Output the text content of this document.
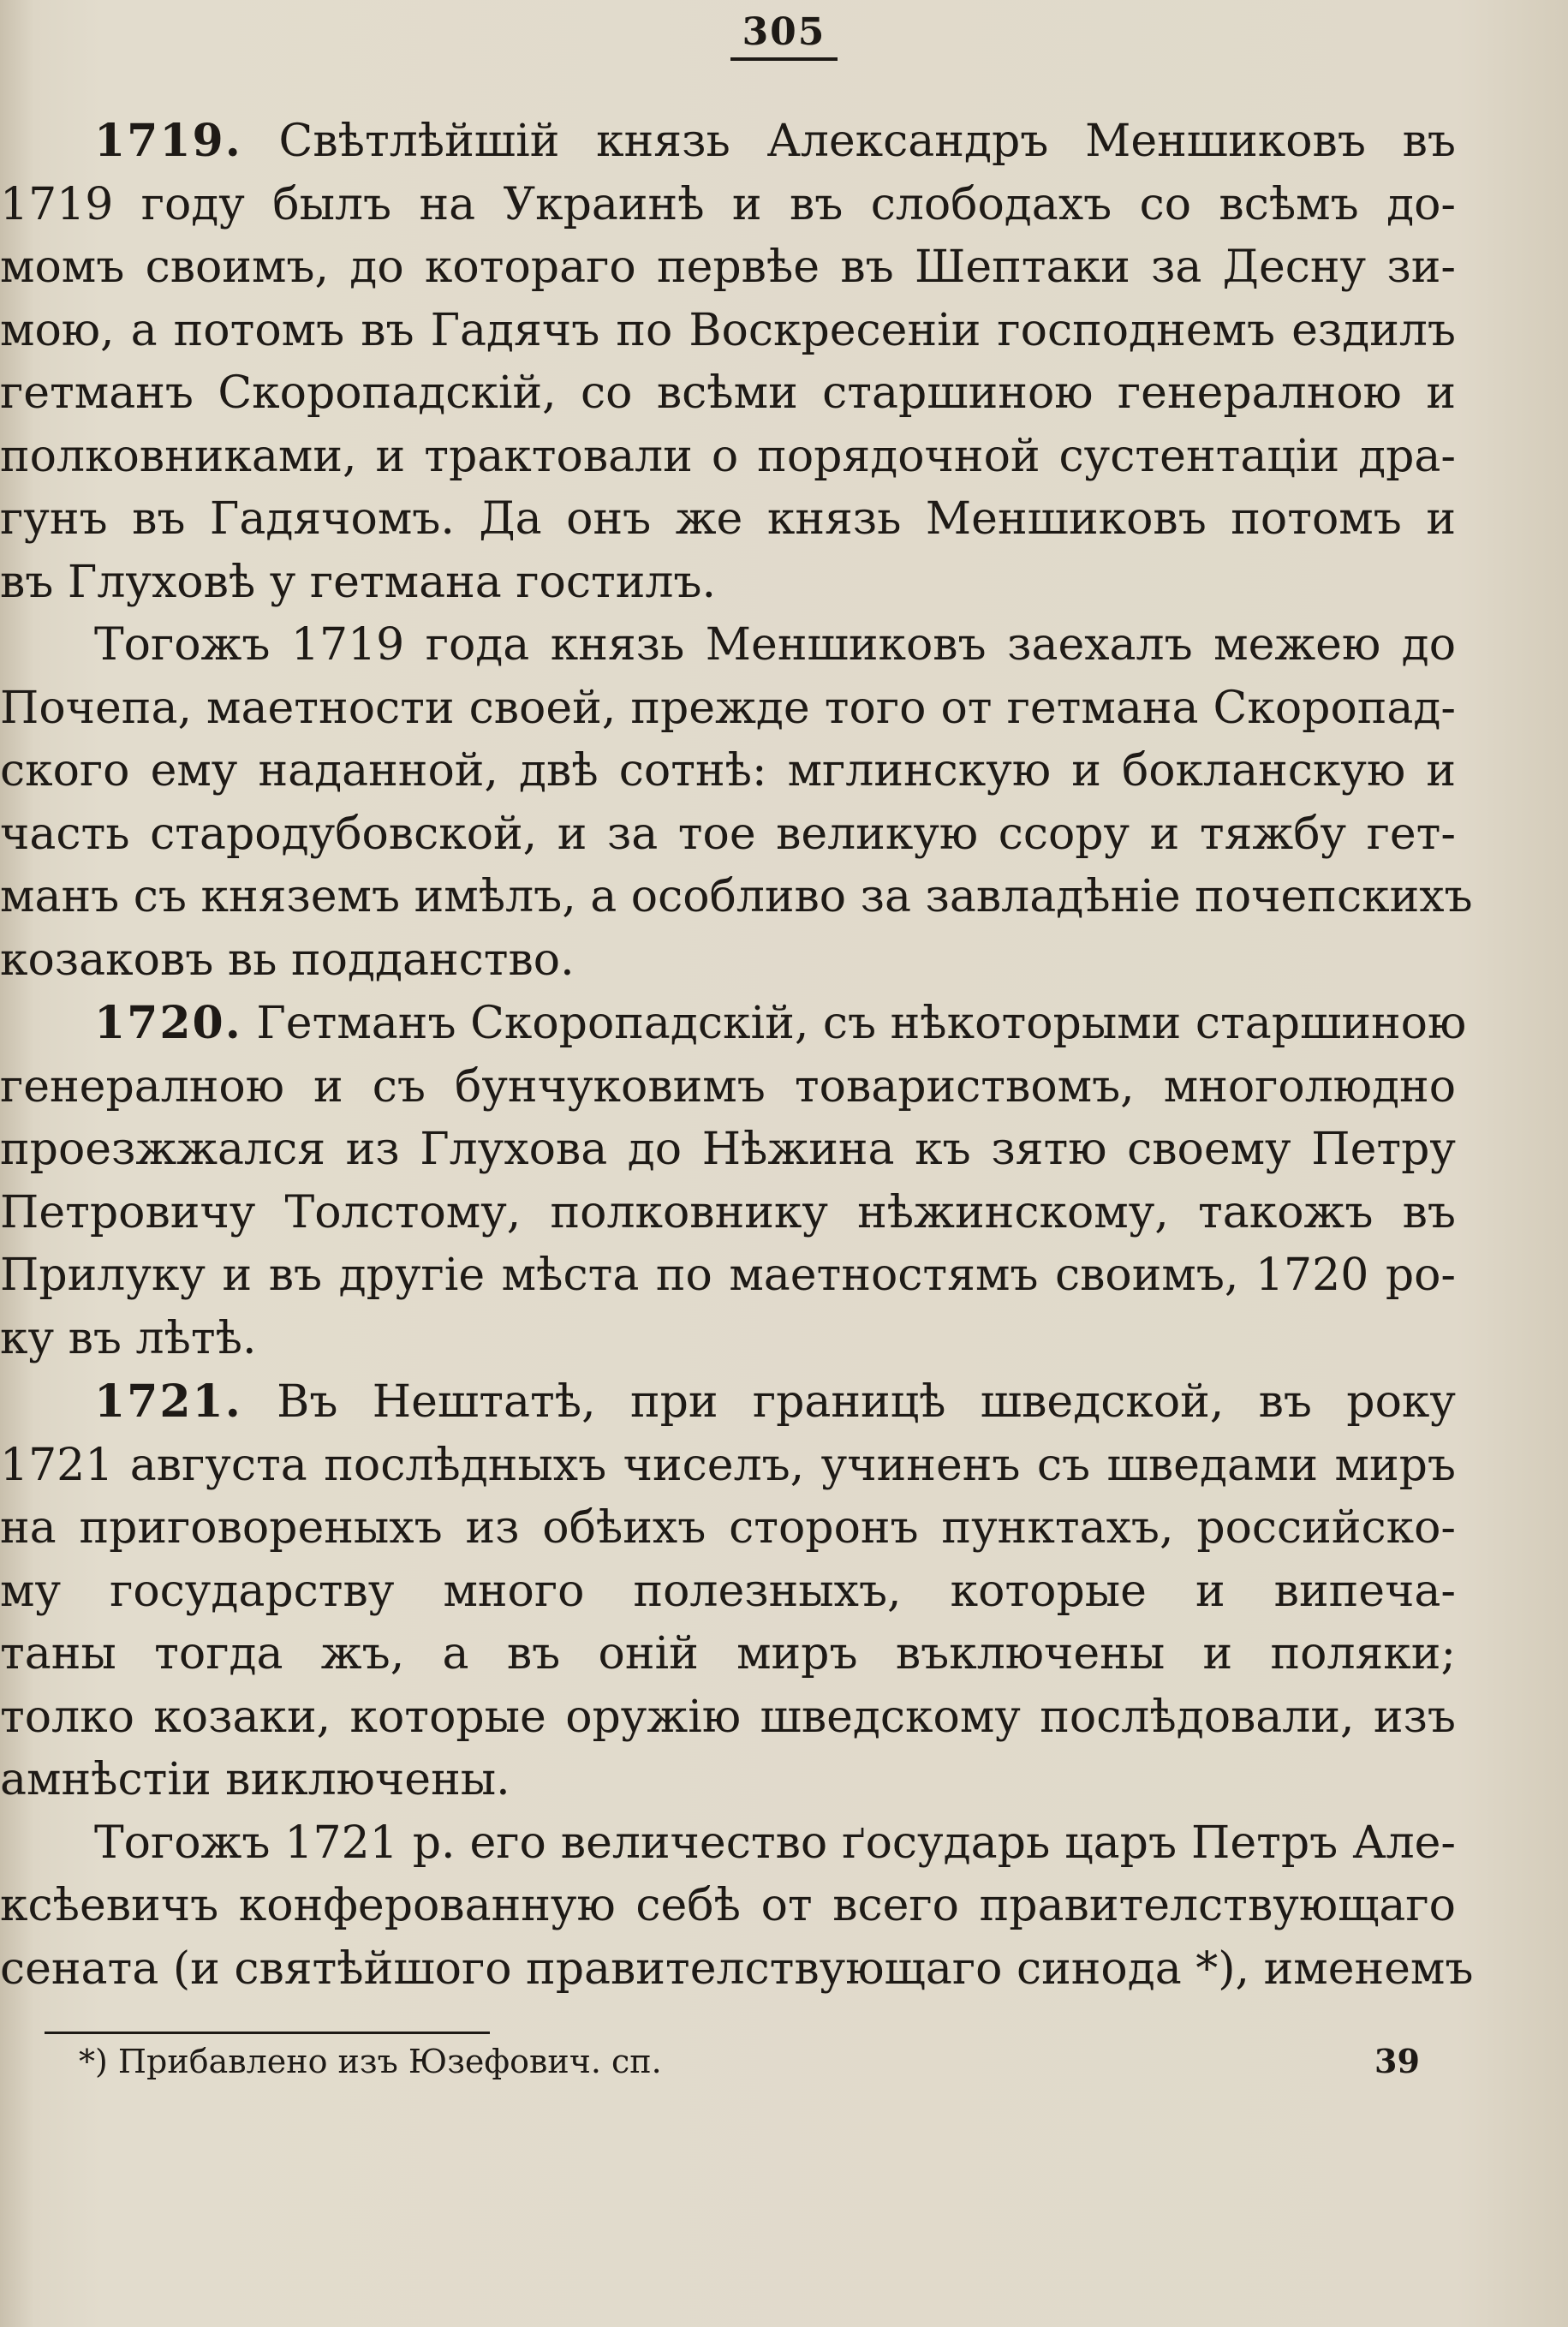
305

1719. Свѣтлѣйшій князь Александръ Меншиковъ въ
1719 году былъ на Украинѣ и въ слободахъ со всѣмъ до-
момъ своимъ, до котораго первѣе въ Шептаки за Десну зи-
мою, а потомъ въ Гадячъ по Воскресеніи господнемъ ездилъ
гетманъ Скоропадскій, со всѣми старшиною генералною и
полковниками, и трактовали о порядочной сустентаціи дра-
гунъ въ Гадячомъ. Да онъ же князь Меншиковъ потомъ и
въ Глуховѣ у гетмана гостилъ.

Тогожъ 1719 года князь Меншиковъ заехалъ межею до
Почепа, маетности своей, прежде того от гетмана Скоропад-
ского ему наданной, двѣ сотнѣ: мглинскую и бокланскую и
часть стародубовской, и за тое великую ссору и тяжбу гет-
манъ съ княземъ имѣлъ, а особливо за завладѣніе почепскихъ
козаковъ вь подданство.

1720. Гетманъ Скоропадскій, съ нѣкоторыми старшиною
генералною и съ бунчуковимъ товариствомъ, многолюдно
проезжжался из Глухова до Нѣжина къ зятю своему Петру
Петровичу Толстому, полковнику нѣжинскому, такожъ въ
Прилуку и въ другіе мѣста по маетностямъ своимъ, 1720 ро-
ку въ лѣтѣ.

1721. Въ Нештатѣ, при границѣ шведской, въ року
1721 августа послѣдныхъ чиселъ, учиненъ съ шведами миръ
на приговореныхъ из обѣихъ сторонъ пунктахъ, российско-
му государству много полезныхъ, которые и випеча-
таны тогда жъ, а въ оній миръ въключены и поляки;
толко козаки, которые оружію шведскому послѣдовали, изъ
амнѣстіи виключены.

Тогожъ 1721 р. его величество ґосударь царъ Петръ Але-
ксѣевичъ конферованную себѣ от всего правителствующаго
сената (и святѣйшого правителствующаго синода *), именемъ

*) Прибавлено изъ Юзефович. сп.	39
